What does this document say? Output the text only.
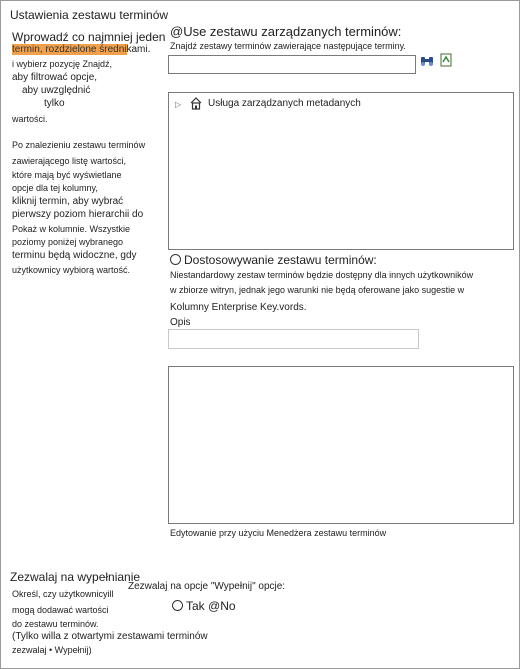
Ustawienia zestawu terminów
Wprowadź co najmniej jeden
termin, rozdzielone średnikami.
i wybierz pozycję Znajdź,
aby filtrować opcje,
aby uwzględnić
tylko
wartości.
Po znalezieniu zestawu terminów
zawierającego listę wartości,
które mają być wyświetlane
opcje dla tej kolumny,
kliknij termin, aby wybrać
pierwszy poziom hierarchii do
Pokaż w kolumnie. Wszystkie
poziomy poniżej wybranego
terminu będą widoczne, gdy
użytkownicy wybiorą wartość.
@Use zestawu zarządzanych terminów:
Znajdź zestawy terminów zawierające następujące terminy.
▷	Usługa zarządzanych metadanych
Dostosowywanie zestawu terminów:
Niestandardowy zestaw terminów będzie dostępny dla innych użytkowników
w zbiorze witryn, jednak jego warunki nie będą oferowane jako sugestie w
Kolumny Enterprise Key.vords.
Opis
Edytowanie przy użyciu Menedżera zestawu terminów
Zezwalaj na wypełnianie
Określ, czy użytkownicyill
mogą dodawać wartości
do zestawu terminów.
(Tylko willa z otwartymi zestawami terminów
zezwalaj • Wypełnij)
Zezwalaj na opcje "Wypełnij" opcje:
Tak @No
